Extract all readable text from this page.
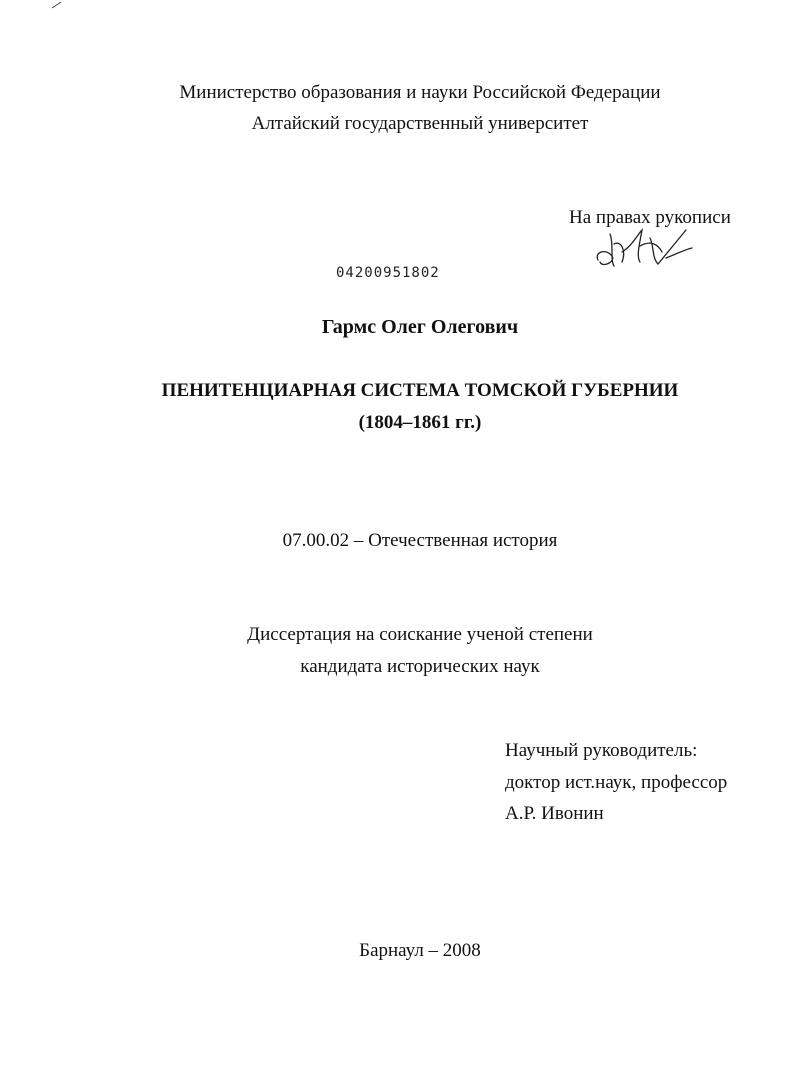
Министерство образования и науки Российской Федерации
Алтайский государственный университет
На правах рукописи
04200951802
Гармс Олег Олегович
ПЕНИТЕНЦИАРНАЯ СИСТЕМА ТОМСКОЙ ГУБЕРНИИ
(1804–1861 гг.)
07.00.02 – Отечественная история
Диссертация на соискание ученой степени
кандидата исторических наук
Научный руководитель:
доктор ист.наук, профессор
А.Р. Ивонин
Барнаул – 2008
